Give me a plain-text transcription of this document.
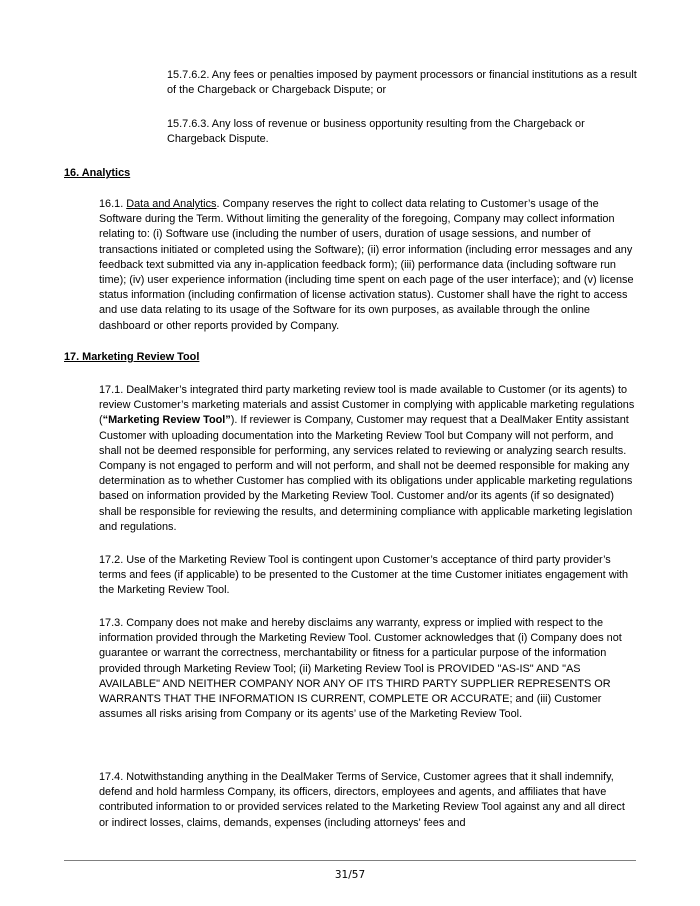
15.7.6.2. Any fees or penalties imposed by payment processors or financial institutions as a result of the Chargeback or Chargeback Dispute; or

15.7.6.3. Any loss of revenue or business opportunity resulting from the Chargeback or Chargeback Dispute.

16. Analytics

16.1. Data and Analytics. Company reserves the right to collect data relating to Customer’s usage of the Software during the Term. Without limiting the generality of the foregoing, Company may collect information relating to: (i) Software use (including the number of users, duration of usage sessions, and number of transactions initiated or completed using the Software); (ii) error information (including error messages and any feedback text submitted via any in-application feedback form); (iii) performance data (including software run time); (iv) user experience information (including time spent on each page of the user interface); and (v) license status information (including confirmation of license activation status). Customer shall have the right to access and use data relating to its usage of the Software for its own purposes, as available through the online dashboard or other reports provided by Company.

17. Marketing Review Tool

17.1. DealMaker’s integrated third party marketing review tool is made available to Customer (or its agents) to review Customer’s marketing materials and assist Customer in complying with applicable marketing regulations (“Marketing Review Tool”). If reviewer is Company, Customer may request that a DealMaker Entity assistant Customer with uploading documentation into the Marketing Review Tool but Company will not perform, and shall not be deemed responsible for performing, any services related to reviewing or analyzing search results. Company is not engaged to perform and will not perform, and shall not be deemed responsible for making any determination as to whether Customer has complied with its obligations under applicable marketing regulations based on information provided by the Marketing Review Tool. Customer and/or its agents (if so designated) shall be responsible for reviewing the results, and determining compliance with applicable marketing legislation and regulations.

17.2. Use of the Marketing Review Tool is contingent upon Customer’s acceptance of third party provider’s terms and fees (if applicable) to be presented to the Customer at the time Customer initiates engagement with the Marketing Review Tool.

17.3. Company does not make and hereby disclaims any warranty, express or implied with respect to the information provided through the Marketing Review Tool. Customer acknowledges that (i) Company does not guarantee or warrant the correctness, merchantability or fitness for a particular purpose of the information provided through Marketing Review Tool; (ii) Marketing Review Tool is PROVIDED "AS-IS" AND "AS AVAILABLE" AND NEITHER COMPANY NOR ANY OF ITS THIRD PARTY SUPPLIER REPRESENTS OR WARRANTS THAT THE INFORMATION IS CURRENT, COMPLETE OR ACCURATE; and (iii) Customer assumes all risks arising from Company or its agents’ use of the Marketing Review Tool.

17.4. Notwithstanding anything in the DealMaker Terms of Service, Customer agrees that it shall indemnify, defend and hold harmless Company, its officers, directors, employees and agents, and affiliates that have contributed information to or provided services related to the Marketing Review Tool against any and all direct or indirect losses, claims, demands, expenses (including attorneys' fees and

31/57
